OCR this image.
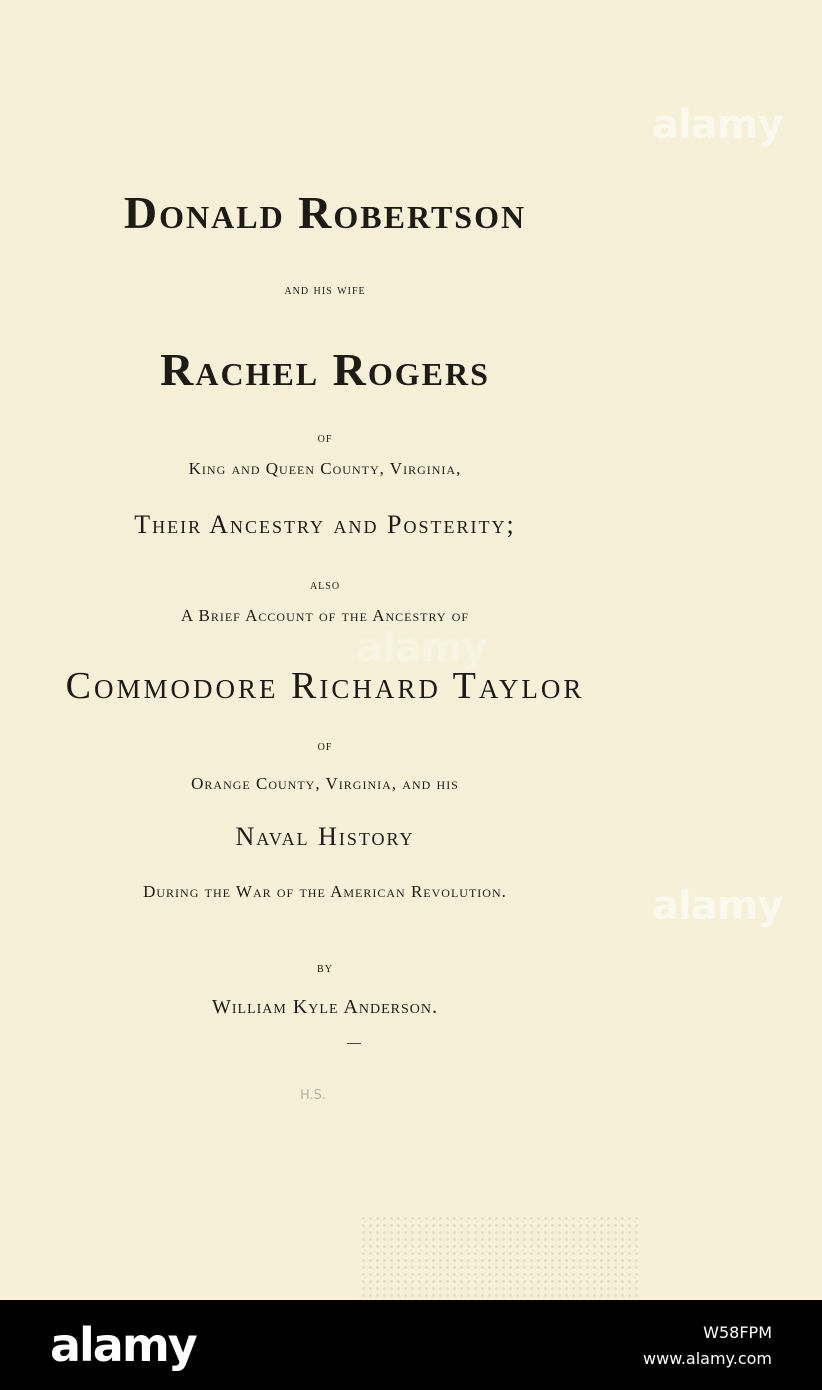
Donald Robertson
and his wife
Rachel Rogers
of
King and Queen County, Virginia,
Their Ancestry and Posterity;
also
A Brief Account of the Ancestry of
Commodore Richard Taylor
of
Orange County, Virginia, and his
Naval History
During the War of the American Revolution.
by
William Kyle Anderson.
H.S.
alamy
alamy
alamy
alamy	W58FPM
www.alamy.com
